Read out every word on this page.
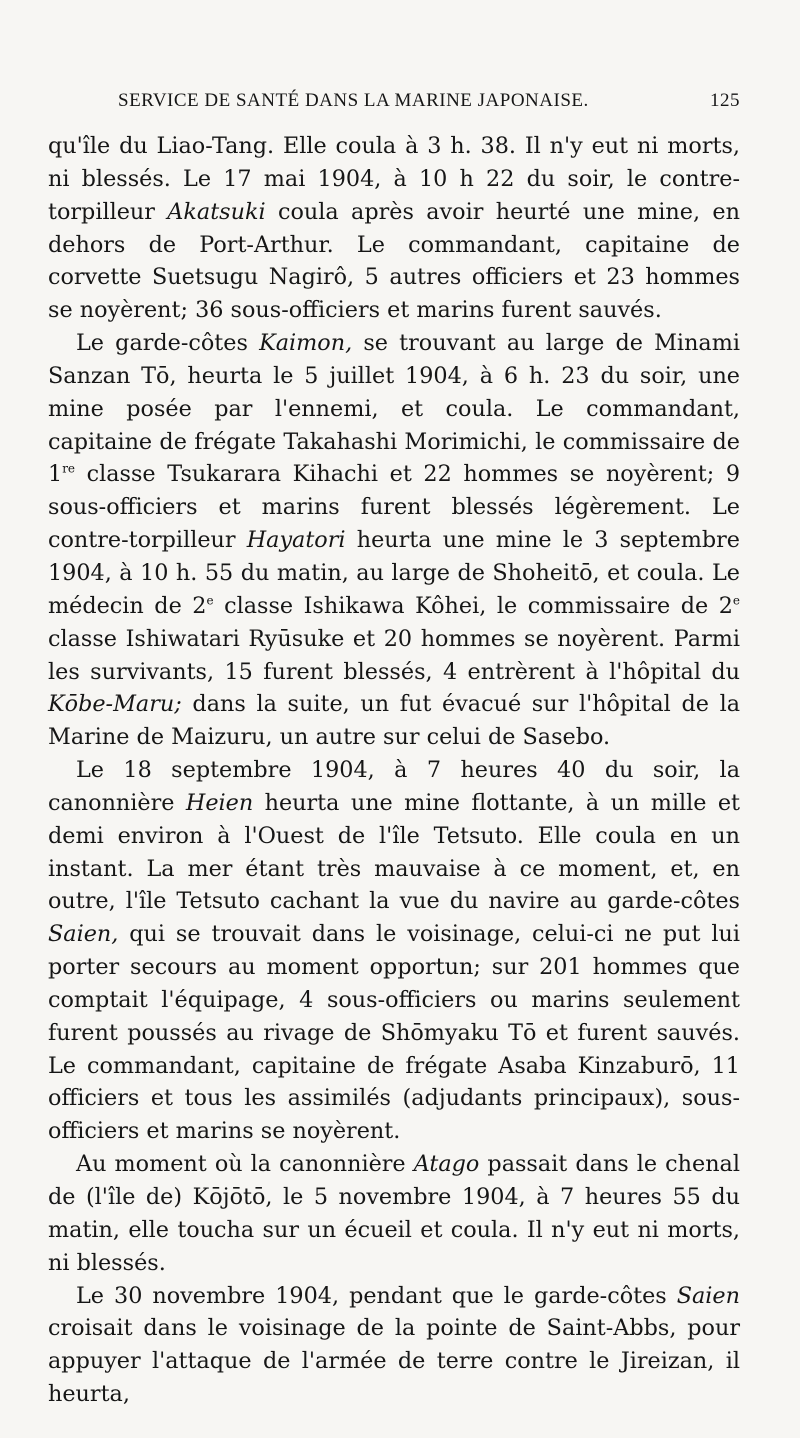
SERVICE DE SANTÉ DANS LA MARINE JAPONAISE.	125

qu'île du Liao-Tang. Elle coula à 3 h. 38. Il n'y eut ni morts, ni blessés. Le 17 mai 1904, à 10 h 22 du soir, le contre-torpilleur Akatsuki coula après avoir heurté une mine, en dehors de Port-Arthur. Le commandant, capitaine de corvette Suetsugu Nagirô, 5 autres officiers et 23 hommes se noyèrent; 36 sous-officiers et marins furent sauvés.

Le garde-côtes Kaimon, se trouvant au large de Minami Sanzan Tō, heurta le 5 juillet 1904, à 6 h. 23 du soir, une mine posée par l'ennemi, et coula. Le commandant, capitaine de frégate Takahashi Morimichi, le commissaire de 1re classe Tsukarara Kihachi et 22 hommes se noyèrent; 9 sous-officiers et marins furent blessés légèrement. Le contre-torpilleur Hayatori heurta une mine le 3 septembre 1904, à 10 h. 55 du matin, au large de Shoheitō, et coula. Le médecin de 2e classe Ishikawa Kôhei, le commissaire de 2e classe Ishiwatari Ryūsuke et 20 hommes se noyèrent. Parmi les survivants, 15 furent blessés, 4 entrèrent à l'hôpital du Kōbe-Maru; dans la suite, un fut évacué sur l'hôpital de la Marine de Maizuru, un autre sur celui de Sasebo.

Le 18 septembre 1904, à 7 heures 40 du soir, la canonnière Heien heurta une mine flottante, à un mille et demi environ à l'Ouest de l'île Tetsuto. Elle coula en un instant. La mer étant très mauvaise à ce moment, et, en outre, l'île Tetsuto cachant la vue du navire au garde-côtes Saien, qui se trouvait dans le voisinage, celui-ci ne put lui porter secours au moment opportun; sur 201 hommes que comptait l'équipage, 4 sous-officiers ou marins seulement furent poussés au rivage de Shōmyaku Tō et furent sauvés. Le commandant, capitaine de frégate Asaba Kinzaburō, 11 officiers et tous les assimilés (adjudants principaux), sous-officiers et marins se noyèrent.

Au moment où la canonnière Atago passait dans le chenal de (l'île de) Kōjōtō, le 5 novembre 1904, à 7 heures 55 du matin, elle toucha sur un écueil et coula. Il n'y eut ni morts, ni blessés.

Le 30 novembre 1904, pendant que le garde-côtes Saien croisait dans le voisinage de la pointe de Saint-Abbs, pour appuyer l'attaque de l'armée de terre contre le Jireizan, il heurta,
